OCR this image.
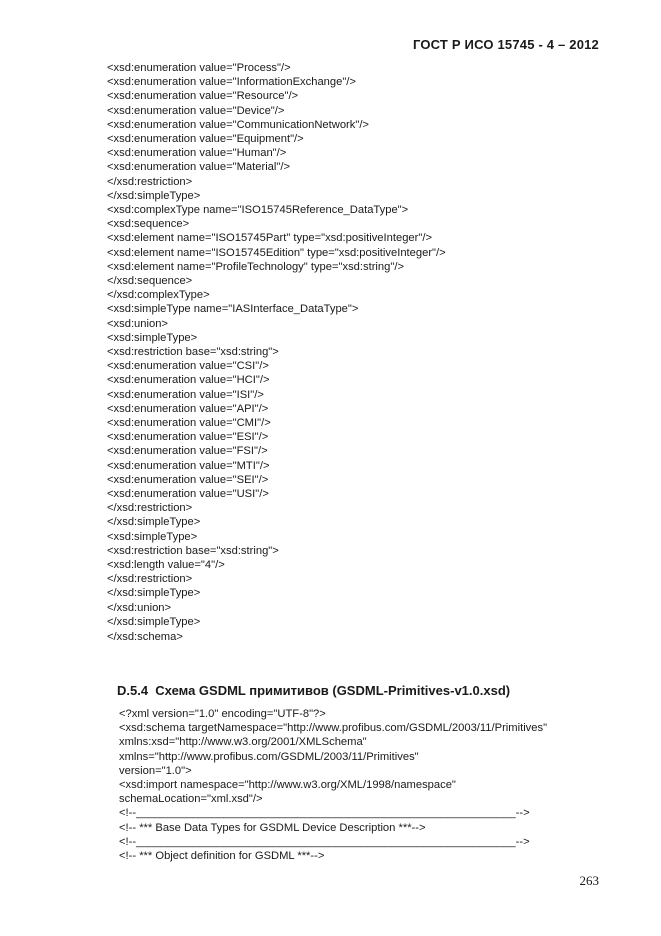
ГОСТ Р ИСО 15745 - 4 – 2012
<xsd:enumeration value="Process"/>
<xsd:enumeration value="InformationExchange"/>
<xsd:enumeration value="Resource"/>
<xsd:enumeration value="Device"/>
<xsd:enumeration value="CommunicationNetwork"/>
<xsd:enumeration value="Equipment"/>
<xsd:enumeration value="Human"/>
<xsd:enumeration value="Material"/>
</xsd:restriction>
</xsd:simpleType>
<xsd:complexType name="ISO15745Reference_DataType">
<xsd:sequence>
<xsd:element name="ISO15745Part" type="xsd:positiveInteger"/>
<xsd:element name="ISO15745Edition" type="xsd:positiveInteger"/>
<xsd:element name="ProfileTechnology" type="xsd:string"/>
</xsd:sequence>
</xsd:complexType>
<xsd:simpleType name="IASInterface_DataType">
<xsd:union>
<xsd:simpleType>
<xsd:restriction base="xsd:string">
<xsd:enumeration value="CSI"/>
<xsd:enumeration value="HCI"/>
<xsd:enumeration value="ISI"/>
<xsd:enumeration value="API"/>
<xsd:enumeration value="CMI"/>
<xsd:enumeration value="ESI"/>
<xsd:enumeration value="FSI"/>
<xsd:enumeration value="MTI"/>
<xsd:enumeration value="SEI"/>
<xsd:enumeration value="USI"/>
</xsd:restriction>
</xsd:simpleType>
<xsd:simpleType>
<xsd:restriction base="xsd:string">
<xsd:length value="4"/>
</xsd:restriction>
</xsd:simpleType>
</xsd:union>
</xsd:simpleType>
</xsd:schema>
D.5.4  Схема GSDML примитивов (GSDML-Primitives-v1.0.xsd)
<?xml version="1.0" encoding="UTF-8"?>
<xsd:schema targetNamespace="http://www.profibus.com/GSDML/2003/11/Primitives"
xmlns:xsd="http://www.w3.org/2001/XMLSchema"
xmlns="http://www.profibus.com/GSDML/2003/11/Primitives"
version="1.0">
<xsd:import namespace="http://www.w3.org/XML/1998/namespace"
schemaLocation="xml.xsd"/>
<!--_____________________________________________________________-->
<!-- *** Base Data Types for GSDML Device Description ***-->
<!--_____________________________________________________________-->
<!-- *** Object definition for GSDML ***-->
263
